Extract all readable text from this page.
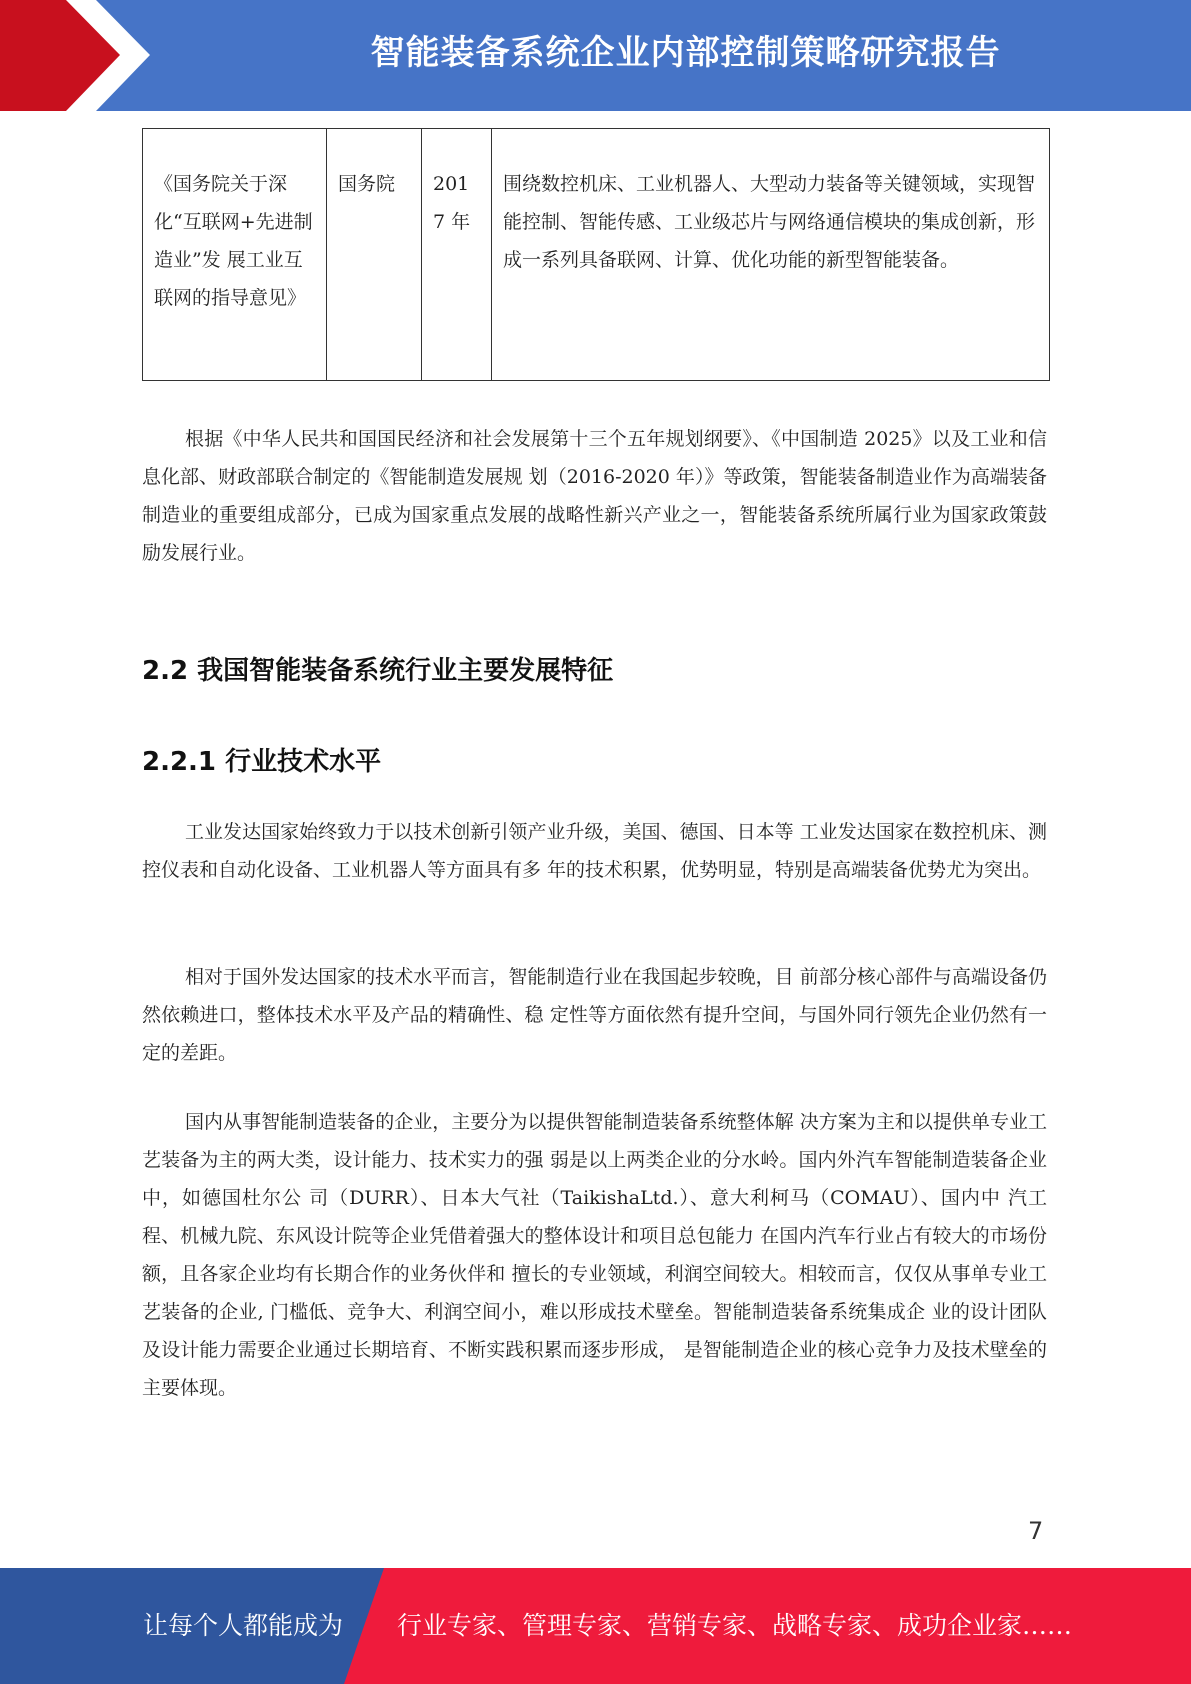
智能装备系统企业内部控制策略研究报告
《国务院关于深化“互联网+先进制造业”发 展工业互联网的指导意见》	国务院	2017 年	围绕数控机床、工业机器人、大型动力装备等关键领域，实现智能控制、智能传感、工业级芯片与网络通信模块的集成创新，形成一系列具备联网、计算、优化功能的新型智能装备。

根据《中华人民共和国国民经济和社会发展第十三个五年规划纲要》、《中国制造 2025》以及工业和信息化部、财政部联合制定的《智能制造发展规 划（2016-2020 年）》等政策，智能装备制造业作为高端装备制造业的重要组成部分，已成为国家重点发展的战略性新兴产业之一，智能装备系统所属行业为国家政策鼓励发展行业。

2.2 我国智能装备系统行业主要发展特征
2.2.1 行业技术水平

工业发达国家始终致力于以技术创新引领产业升级，美国、德国、日本等 工业发达国家在数控机床、测控仪表和自动化设备、工业机器人等方面具有多 年的技术积累，优势明显，特别是高端装备优势尤为突出。

相对于国外发达国家的技术水平而言，智能制造行业在我国起步较晚，目 前部分核心部件与高端设备仍然依赖进口，整体技术水平及产品的精确性、稳 定性等方面依然有提升空间，与国外同行领先企业仍然有一定的差距。

国内从事智能制造装备的企业，主要分为以提供智能制造装备系统整体解 决方案为主和以提供单专业工艺装备为主的两大类，设计能力、技术实力的强 弱是以上两类企业的分水岭。国内外汽车智能制造装备企业中，如德国杜尔公 司（DURR）、日本大气社（TaikishaLtd.）、意大利柯马（COMAU）、国内中 汽工程、机械九院、东风设计院等企业凭借着强大的整体设计和项目总包能力 在国内汽车行业占有较大的市场份额，且各家企业均有长期合作的业务伙伴和 擅长的专业领域，利润空间较大。相较而言，仅仅从事单专业工艺装备的企业, 门槛低、竞争大、利润空间小，难以形成技术壁垒。智能制造装备系统集成企 业的设计团队及设计能力需要企业通过长期培育、不断实践积累而逐步形成， 是智能制造企业的核心竞争力及技术壁垒的主要体现。

7
让每个人都能成为 行业专家、管理专家、营销专家、战略专家、成功企业家……
